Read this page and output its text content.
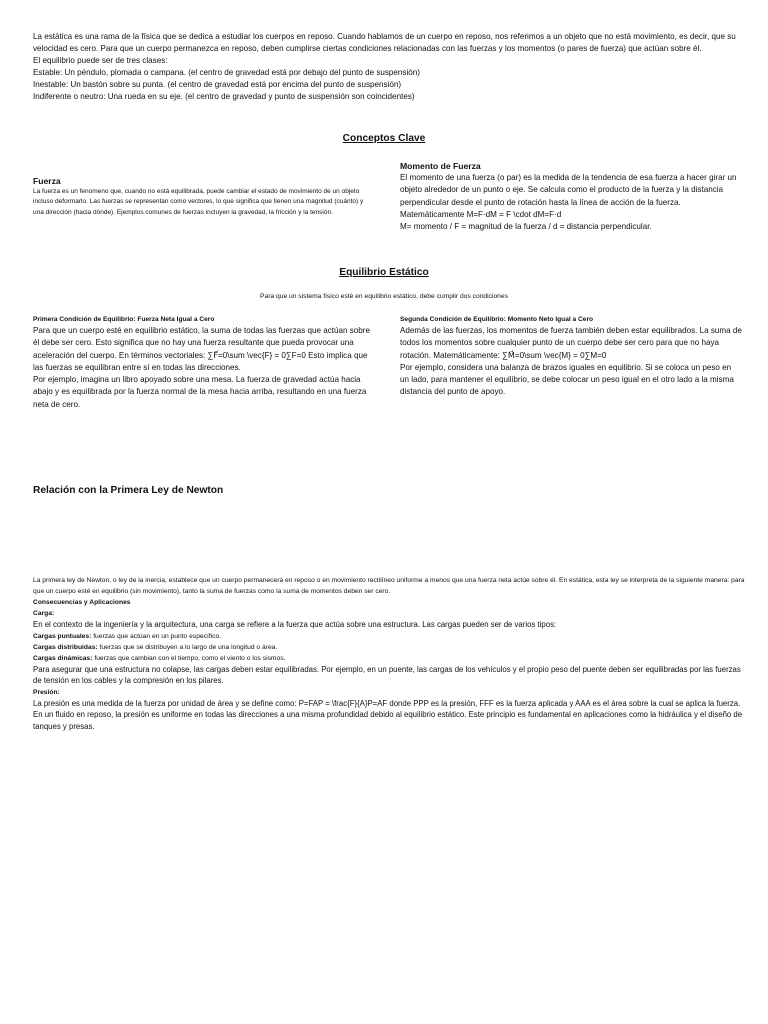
La estática es una rama de la física que se dedica a estudiar los cuerpos en reposo. Cuando hablamos de un cuerpo en reposo, nos referimos a un objeto que no está movimiento, es decir, que su velocidad es cero. Para que un cuerpo permanezca en reposo, deben cumplirse ciertas condiciones relacionadas con las fuerzas y los momentos (o pares de fuerza) que actúan sobre él.

El equilibrio puede ser de tres clases:

Estable: Un péndulo, plomada o campana. (el centro de gravedad está por debajo del punto de suspensión)

Inestable: Un bastón sobre su punta. (el centro de gravedad está por encima del punto de suspensión)

Indiferente o neutro: Una rueda en su eje. (el centro de gravedad y punto de suspensión son coincidentes)

Conceptos Clave
Fuerza

La fuerza es un fenomeno que, cuando no está equilibrada, puede cambiar el estado de movimiento de un objeto incluso deformarlo. Las fuerzas se representan como vectores, lo que significa que tienen una magnitud (cuánto) y una dirección (hacia dónde). Ejemplos comunes de fuerzas incluyen la gravedad, la fricción y la tensión.

Momento de Fuerza

El momento de una fuerza (o par) es la medida de la tendencia de esa fuerza a hacer girar un objeto alrededor de un punto o eje. Se calcula como el producto de la fuerza y la distancia perpendicular desde el punto de rotación hasta la línea de acción de la fuerza. Matemáticamente M=F·dM = F \cdot dM=F·d

M= momento / F = magnitud de la fuerza / d = distancia perpendicular.

Equilibrio Estático
Para que un sistema físico esté en equilibrio estático, debe cumplir dos condiciones

Primera Condición de Equilibrio: Fuerza Neta Igual a Cero

Para que un cuerpo esté en equilibrio estático, la suma de todas las fuerzas que actúan sobre él debe ser cero. Esto significa que no hay una fuerza resultante que pueda provocar una aceleración del cuerpo. En términos vectoriales: ∑F⃗=0\sum \vec{F} = 0∑F=0 Esto implica que las fuerzas se equilibran entre sí en todas las direcciones.

Por ejemplo, imagina un libro apoyado sobre una mesa. La fuerza de gravedad actúa hacia abajo y es equilibrada por la fuerza normal de la mesa hacia arriba, resultando en una fuerza neta de cero.

Segunda Condición de Equilibrio: Momento Neto Igual a Cero

Además de las fuerzas, los momentos de fuerza también deben estar equilibrados. La suma de todos los momentos sobre cualquier punto de un cuerpo debe ser cero para que no haya rotación. Matemáticamente: ∑M⃗=0\sum \vec{M} = 0∑M=0

Por ejemplo, considera una balanza de brazos iguales en equilibrio. Si se coloca un peso en un lado, para mantener el equilibrio, se debe colocar un peso igual en el otro lado a la misma distancia del punto de apoyo.

Relación con la Primera Ley de Newton

La primera ley de Newton, o ley de la inercia, establece que un cuerpo permanecerá en reposo o en movimiento rectilíneo uniforme a menos que una fuerza neta actúe sobre él. En estática, esta ley se interpreta de la siguiente manera: para que un cuerpo esté en equilibrio (sin movimiento), tanto la suma de fuerzas como la suma de momentos deben ser cero.

Consecuencias y Aplicaciones

Carga:

En el contexto de la ingeniería y la arquitectura, una carga se refiere a la fuerza que actúa sobre una estructura. Las cargas pueden ser de varios tipos:

Cargas puntuales: fuerzas que actúan en un punto específico.

Cargas distribuidas: fuerzas que se distribuyen a lo largo de una longitud o área.

Cargas dinámicas: fuerzas que cambian con el tiempo, como el viento o los sismos.

Para asegurar que una estructura no colapse, las cargas deben estar equilibradas. Por ejemplo, en un puente, las cargas de los vehículos y el propio peso del puente deben ser equilibradas por las fuerzas de tensión en los cables y la compresión en los pilares.

Presión:

La presión es una medida de la fuerza por unidad de área y se define como: P=FAP = \frac{F}{A}P=AF donde PPP es la presión, FFF es la fuerza aplicada y AAA es el área sobre la cual se aplica la fuerza.

En un fluido en reposo, la presión es uniforme en todas las direcciones a una misma profundidad debido al equilibrio estático. Este principio es fundamental en aplicaciones como la hidráulica y el diseño de tanques y presas.
